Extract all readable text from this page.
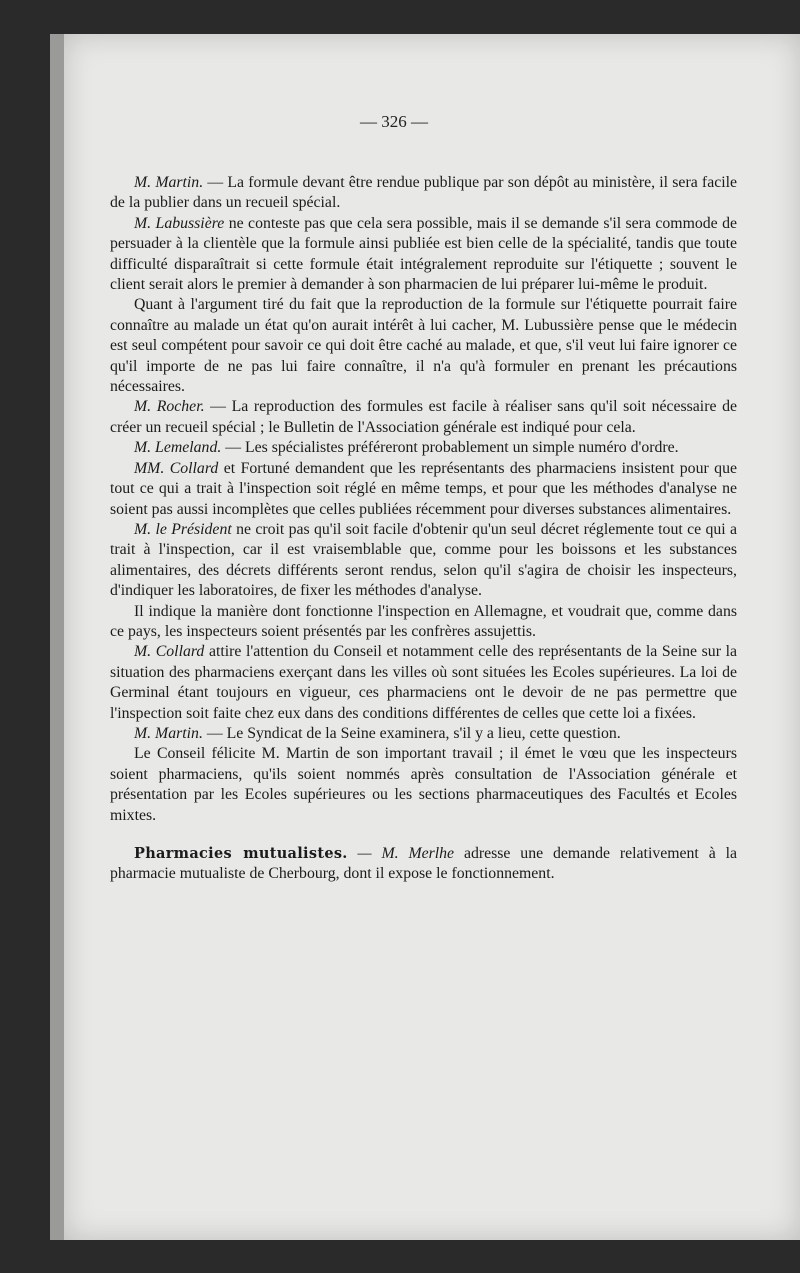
— 326 —

M. Martin. — La formule devant être rendue publique par son dépôt au ministère, il sera facile de la publier dans un recueil spécial.

M. Labussière ne conteste pas que cela sera possible, mais il se demande s'il sera commode de persuader à la clientèle que la formule ainsi publiée est bien celle de la spécialité, tandis que toute difficulté disparaîtrait si cette formule était intégralement reproduite sur l'étiquette ; souvent le client serait alors le premier à demander à son pharmacien de lui préparer lui-même le produit.

Quant à l'argument tiré du fait que la reproduction de la formule sur l'étiquette pourrait faire connaître au malade un état qu'on aurait intérêt à lui cacher, M. Lubussière pense que le médecin est seul compétent pour savoir ce qui doit être caché au malade, et que, s'il veut lui faire ignorer ce qu'il importe de ne pas lui faire connaître, il n'a qu'à formuler en prenant les précautions nécessaires.

M. Rocher. — La reproduction des formules est facile à réaliser sans qu'il soit nécessaire de créer un recueil spécial ; le Bulletin de l'Association générale est indiqué pour cela.

M. Lemeland. — Les spécialistes préféreront probablement un simple numéro d'ordre.

MM. Collard et Fortuné demandent que les représentants des pharmaciens insistent pour que tout ce qui a trait à l'inspection soit réglé en même temps, et pour que les méthodes d'analyse ne soient pas aussi incomplètes que celles publiées récemment pour diverses substances alimentaires.

M. le Président ne croit pas qu'il soit facile d'obtenir qu'un seul décret réglemente tout ce qui a trait à l'inspection, car il est vraisemblable que, comme pour les boissons et les substances alimentaires, des décrets différents seront rendus, selon qu'il s'agira de choisir les inspecteurs, d'indiquer les laboratoires, de fixer les méthodes d'analyse.

Il indique la manière dont fonctionne l'inspection en Allemagne, et voudrait que, comme dans ce pays, les inspecteurs soient présentés par les confrères assujettis.

M. Collard attire l'attention du Conseil et notamment celle des représentants de la Seine sur la situation des pharmaciens exerçant dans les villes où sont situées les Ecoles supérieures. La loi de Germinal étant toujours en vigueur, ces pharmaciens ont le devoir de ne pas permettre que l'inspection soit faite chez eux dans des conditions différentes de celles que cette loi a fixées.

M. Martin. — Le Syndicat de la Seine examinera, s'il y a lieu, cette question.

Le Conseil félicite M. Martin de son important travail ; il émet le vœu que les inspecteurs soient pharmaciens, qu'ils soient nommés après consultation de l'Association générale et présentation par les Ecoles supérieures ou les sections pharmaceutiques des Facultés et Ecoles mixtes.

Pharmacies mutualistes. — M. Merlhe adresse une demande relativement à la pharmacie mutualiste de Cherbourg, dont il expose le fonctionnement.
